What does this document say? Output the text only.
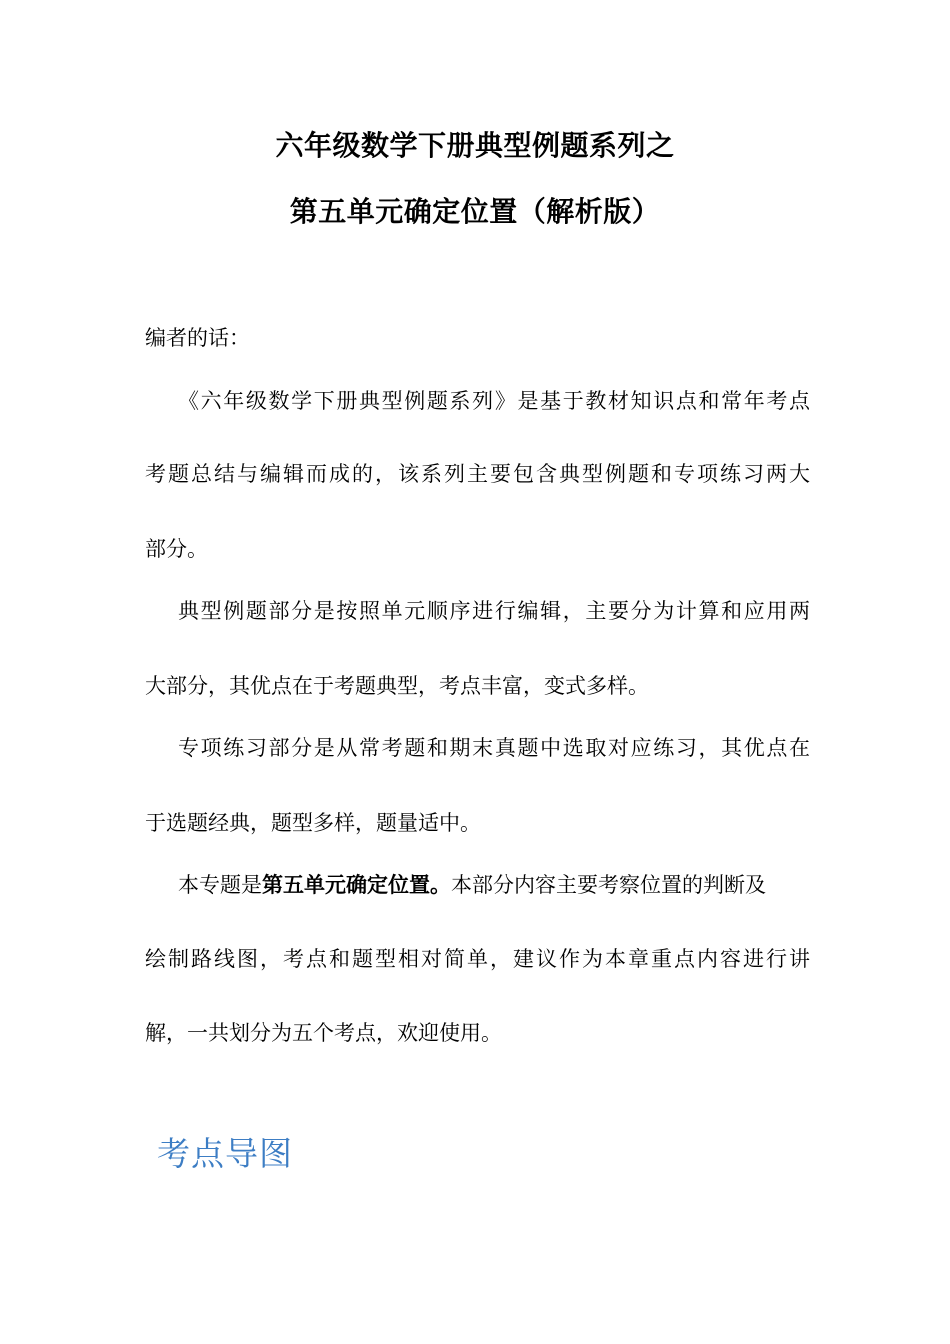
六年级数学下册典型例题系列之
第五单元确定位置（解析版）
编者的话：
《六年级数学下册典型例题系列》是基于教材知识点和常年考点
考题总结与编辑而成的，该系列主要包含典型例题和专项练习两大
部分。
典型例题部分是按照单元顺序进行编辑，主要分为计算和应用两
大部分，其优点在于考题典型，考点丰富，变式多样。
专项练习部分是从常考题和期末真题中选取对应练习，其优点在
于选题经典，题型多样，题量适中。
本专题是第五单元确定位置。本部分内容主要考察位置的判断及
绘制路线图，考点和题型相对简单，建议作为本章重点内容进行讲
解，一共划分为五个考点，欢迎使用。
考点导图
